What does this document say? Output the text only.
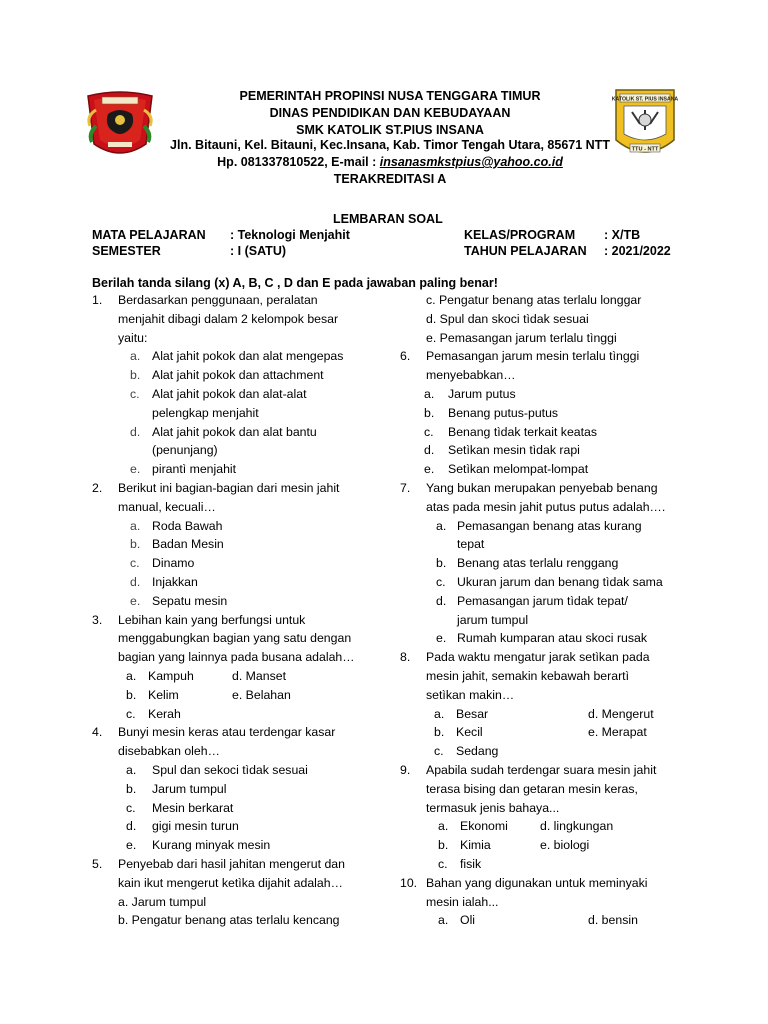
KATOLIK ST. PIUS INSANA
TTU - NTT
PEMERINTAH PROPINSI NUSA TENGGARA TIMUR
DINAS PENDIDIKAN DAN KEBUDAYAAN
SMK KATOLIK ST.PIUS INSANA
Jln. Bitauni, Kel. Bitauni, Kec.Insana, Kab. Timor Tengah Utara, 85671 NTT
Hp. 081337810522, E-mail : insanasmkstpius@yahoo.co.id
TERAKREDITASI A
LEMBARAN SOAL
MATA PELAJARAN : Teknologi Menjahit	KELAS/PROGRAM : X/TB
SEMESTER	: I (SATU)	TAHUN PELAJARAN : 2021/2022
Berilah tanda silang (x) A, B, C , D dan E pada jawaban paling benar!
1. Berdasarkan penggunaan, peralatan
menjahit dibagi dalam 2 kelompok besar
yaitu:
a. Alat jahit pokok dan alat mengepas
b. Alat jahit pokok dan attachment
c. Alat jahit pokok dan alat-alat
pelengkap menjahit
d. Alat jahit pokok dan alat bantu
(penunjang)
e. pirantì menjahit
2. Berikut ini bagian-bagian dari mesin jahit
manual, kecuali…
a. Roda Bawah
b. Badan Mesin
c. Dinamo
d. Injakkan
e. Sepatu mesin
3. Lebihan kain yang berfungsi untuk
menggabungkan bagian yang satu dengan
bagian yang lainnya pada busana adalah…
a. Kampuh	d. Manset
b. Kelim	e. Belahan
c. Kerah
4. Bunyi mesin keras atau terdengar kasar
disebabkan oleh…
a. Spul dan sekoci tìdak sesuai
b. Jarum tumpul
c. Mesin berkarat
d. gigi mesin turun
e. Kurang minyak mesin
5. Penyebab dari hasil jahitan mengerut dan
kain ikut mengerut ketìka dijahit adalah…
a. Jarum tumpul
b. Pengatur benang atas terlalu kencang
c. Pengatur benang atas terlalu longgar
d. Spul dan skoci tìdak sesuai
e. Pemasangan jarum terlalu tìnggi
6. Pemasangan jarum mesin terlalu tìnggi
menyebabkan…
a. Jarum putus
b. Benang putus-putus
c. Benang tìdak terkait keatas
d. Setìkan mesin tìdak rapi
e. Setìkan melompat-lompat
7. Yang bukan merupakan penyebab benang
atas pada mesin jahit putus putus adalah….
a. Pemasangan benang atas kurang
tepat
b. Benang atas terlalu renggang
c. Ukuran jarum dan benang tìdak sama
d. Pemasangan jarum tìdak tepat/
jarum tumpul
e. Rumah kumparan atau skoci rusak
8. Pada waktu mengatur jarak setìkan pada
mesin jahit, semakin kebawah berartì
setìkan makin…
a. Besar	d. Mengerut
b. Kecil	e. Merapat
c. Sedang
9. Apabila sudah terdengar suara mesin jahit
terasa bising dan getaran mesin keras,
termasuk jenis bahaya...
a. Ekonomi	d. lingkungan
b. Kimia	e. biologi
c. fisik
10. Bahan yang digunakan untuk meminyaki
mesin ialah...
a. Oli	d. bensin
